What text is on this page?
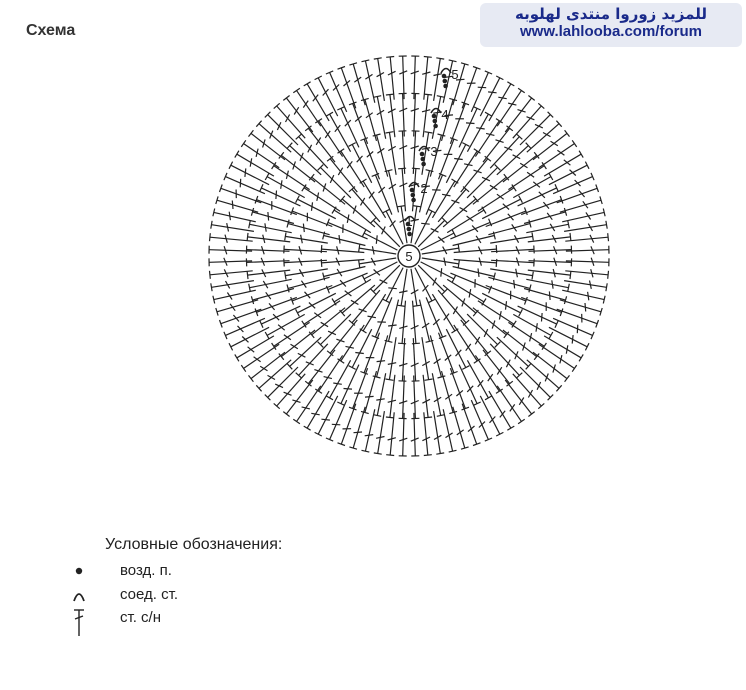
Схема
للمزيد زوروا منتدى لهلوبه
www.lahlooba.com/forum
5
1
2
3
4
5
Условные обозначения:
возд. п.
соед. ст.
ст. с/н
